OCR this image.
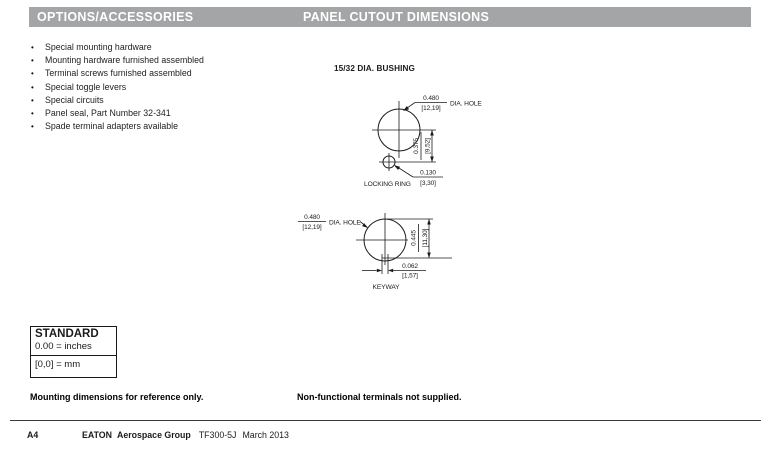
OPTIONS/ACCESSORIES	PANEL CUTOUT DIMENSIONS
• Special mounting hardware
• Mounting hardware furnished assembled
• Terminal screws furnished assembled
• Special toggle levers
• Special circuits
• Panel seal, Part Number 32-341
• Spade terminal adapters available
15/32 DIA. BUSHING
0.480
[12,19]
DIA. HOLE
0.375 [9,52]
0.130
[3,30]
LOCKING RING
0.480
[12,19]
DIA. HOLE
0.445 [11,30]
0.062
[1,57]
KEYWAY
STANDARD
0.00 = inches
[0,0] = mm
Mounting dimensions for reference only.	Non-functional terminals not supplied.
A4	EATON Aerospace Group TF300-5J March 2013
